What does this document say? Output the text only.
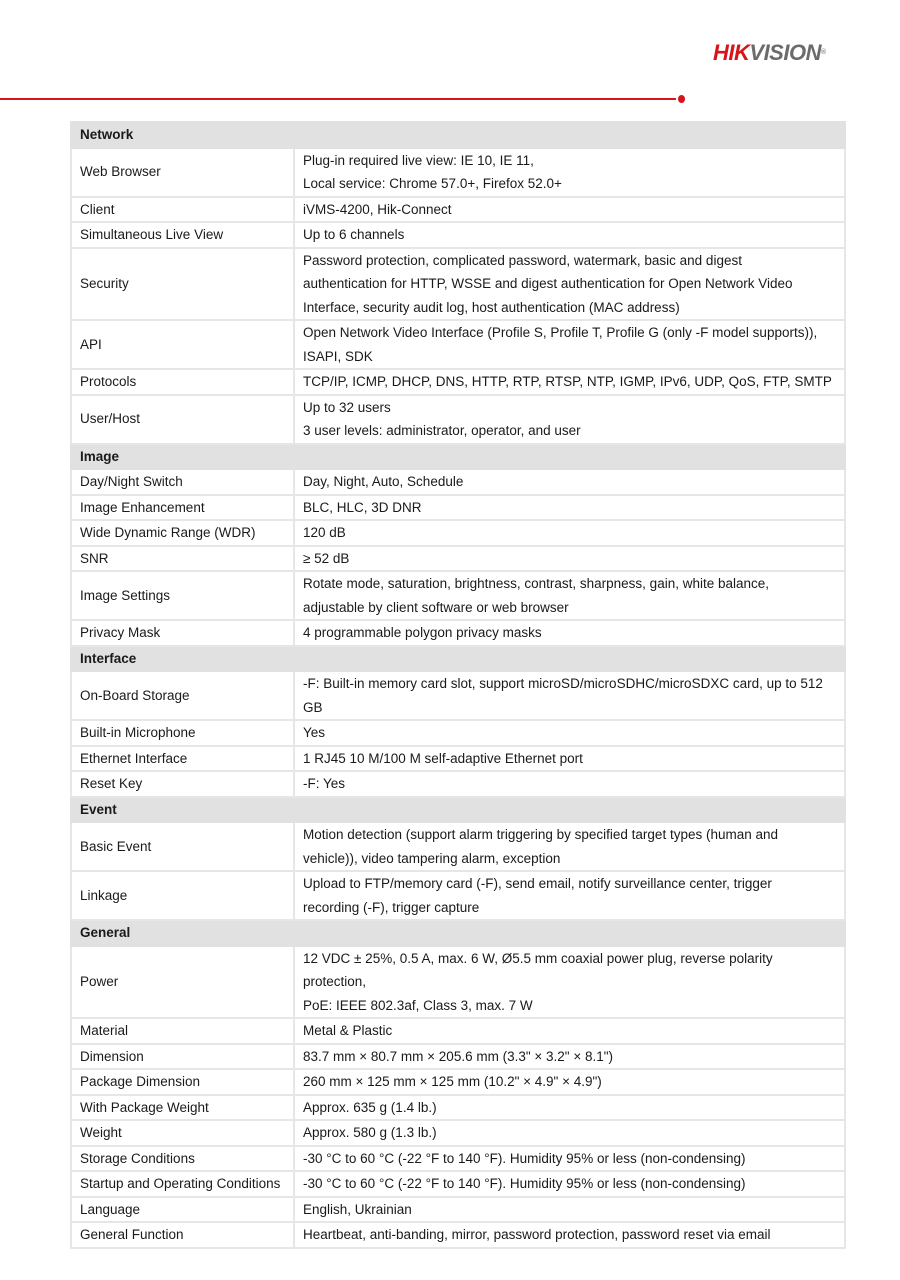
HIKVISION®
Network	
Web Browser	Plug-in required live view: IE 10, IE 11,
Local service: Chrome 57.0+, Firefox 52.0+

Client	iVMS-4200, Hik-Connect

Simultaneous Live View	Up to 6 channels

Security	Password protection, complicated password, watermark, basic and digest
authentication for HTTP, WSSE and digest authentication for Open Network Video
Interface, security audit log, host authentication (MAC address)

API	Open Network Video Interface (Profile S, Profile T, Profile G (only -F model supports)),
ISAPI, SDK

Protocols	TCP/IP, ICMP, DHCP, DNS, HTTP, RTP, RTSP, NTP, IGMP, IPv6, UDP, QoS, FTP, SMTP

User/Host	Up to 32 users
3 user levels: administrator, operator, and user

Image	
Day/Night Switch	Day, Night, Auto, Schedule

Image Enhancement	BLC, HLC, 3D DNR

Wide Dynamic Range (WDR)	120 dB

SNR	≥ 52 dB

Image Settings	Rotate mode, saturation, brightness, contrast, sharpness, gain, white balance,
adjustable by client software or web browser

Privacy Mask	4 programmable polygon privacy masks

Interface	
On-Board Storage	-F: Built-in memory card slot, support microSD/microSDHC/microSDXC card, up to 512
GB

Built-in Microphone	Yes

Ethernet Interface	1 RJ45 10 M/100 M self-adaptive Ethernet port

Reset Key	-F: Yes

Event	
Basic Event	Motion detection (support alarm triggering by specified target types (human and
vehicle)), video tampering alarm, exception

Linkage	Upload to FTP/memory card (-F), send email, notify surveillance center, trigger
recording (-F), trigger capture

General	
Power	12 VDC ± 25%, 0.5 A, max. 6 W, Ø5.5 mm coaxial power plug, reverse polarity
protection,
PoE: IEEE 802.3af, Class 3, max. 7 W

Material	Metal & Plastic

Dimension	83.7 mm × 80.7 mm × 205.6 mm (3.3" × 3.2" × 8.1")

Package Dimension	260 mm × 125 mm × 125 mm (10.2" × 4.9" × 4.9")

With Package Weight	Approx. 635 g (1.4 lb.)

Weight	Approx. 580 g (1.3 lb.)

Storage Conditions	-30 °C to 60 °C (-22 °F to 140 °F). Humidity 95% or less (non-condensing)

Startup and Operating Conditions	-30 °C to 60 °C (-22 °F to 140 °F). Humidity 95% or less (non-condensing)

Language	English, Ukrainian

General Function	Heartbeat, anti-banding, mirror, password protection, password reset via email
